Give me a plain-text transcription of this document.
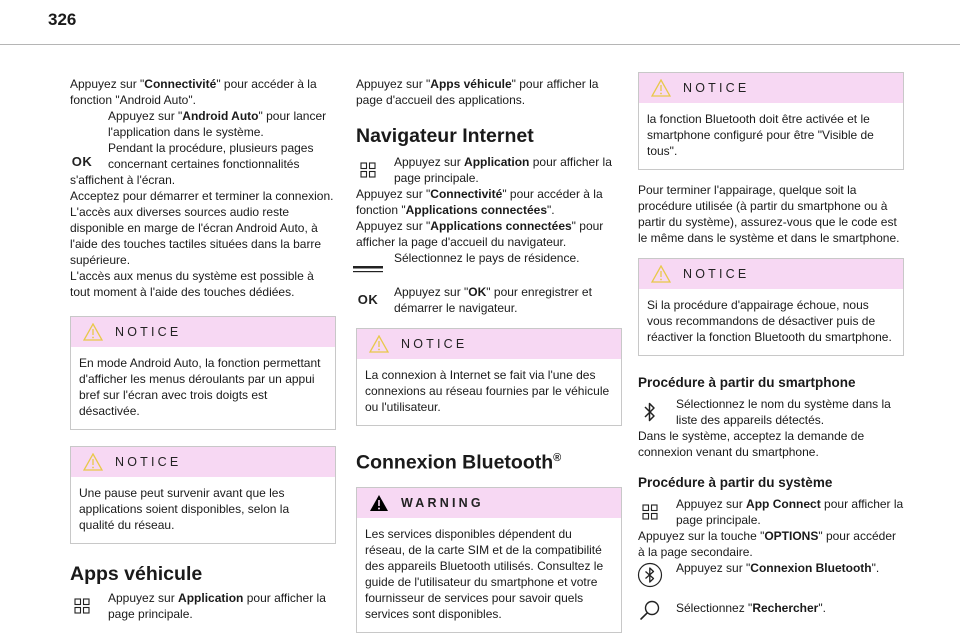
326

Appuyez sur "Connectivité" pour accéder à la fonction "Android Auto".

OK

Appuyez sur "Android Auto" pour lancer l'application dans le système.

Pendant la procédure, plusieurs pages concernant certaines fonctionnalités

s'affichent à l'écran.

Acceptez pour démarrer et terminer la connexion.

L'accès aux diverses sources audio reste disponible en marge de l'écran Android Auto, à l'aide des touches tactiles situées dans la barre supérieure.

L'accès aux menus du système est possible à tout moment à l'aide des touches dédiées.

NOTICE
En mode Android Auto, la fonction permettant d'afficher les menus déroulants par un appui bref sur l'écran avec trois doigts est désactivée.
NOTICE
Une pause peut survenir avant que les applications soient disponibles, selon la qualité du réseau.

Apps véhicule

Appuyez sur Application pour afficher la page principale.

Appuyez sur "Apps véhicule" pour afficher la page d'accueil des applications.

Navigateur Internet

Appuyez sur Application pour afficher la page principale.

Appuyez sur "Connectivité" pour accéder à la fonction "Applications connectées".

Appuyez sur "Applications connectées" pour afficher la page d'accueil du navigateur.

Sélectionnez le pays de résidence.

OK Appuyez sur "OK" pour enregistrer et démarrer le navigateur.

NOTICE
La connexion à Internet se fait via l'une des connexions au réseau fournies par le véhicule ou l'utilisateur.

Connexion Bluetooth®

WARNING
Les services disponibles dépendent du réseau, de la carte SIM et de la compatibilité des appareils Bluetooth utilisés. Consultez le guide de l'utilisateur du smartphone et votre fournisseur de services pour savoir quels services sont disponibles.
NOTICE
la fonction Bluetooth doit être activée et le smartphone configuré pour être "Visible de tous".

Pour terminer l'appairage, quelque soit la procédure utilisée (à partir du smartphone ou à partir du système), assurez-vous que le code est le même dans le système et dans le smartphone.

NOTICE
Si la procédure d'appairage échoue, nous vous recommandons de désactiver puis de réactiver la fonction Bluetooth du smartphone.

Procédure à partir du smartphone

Sélectionnez le nom du système dans la liste des appareils détectés.

Dans le système, acceptez la demande de connexion venant du smartphone.

Procédure à partir du système

Appuyez sur App Connect pour afficher la page principale.

Appuyez sur la touche "OPTIONS" pour accéder à la page secondaire.

Appuyez sur "Connexion Bluetooth".

Sélectionnez "Rechercher".
